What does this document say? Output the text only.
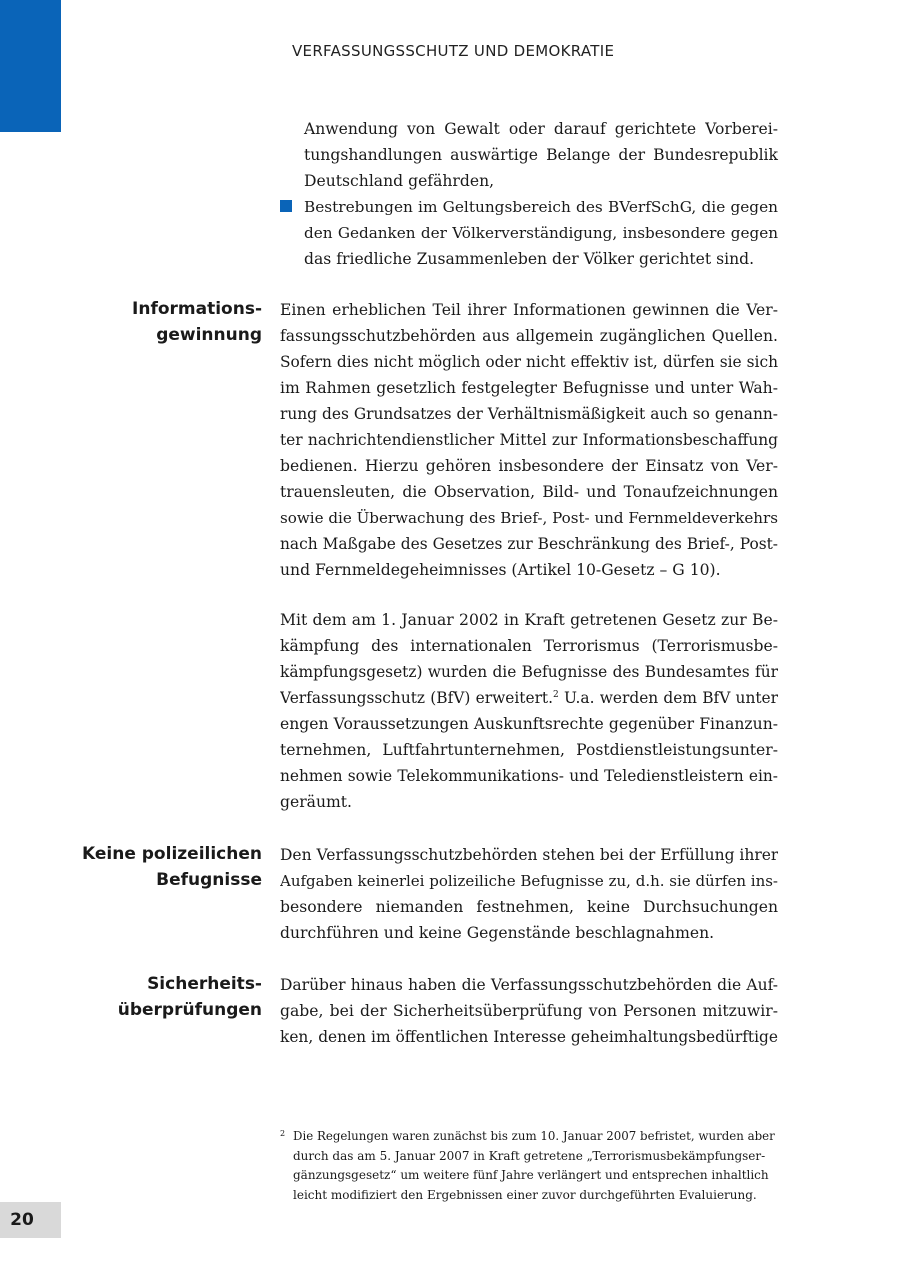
VERFASSUNGSSCHUTZ UND DEMOKRATIE
Anwendung von Gewalt oder darauf gerichtete Vorberei-
tungshandlungen auswärtige Belange der Bundesrepublik
Deutschland gefährden,
Bestrebungen im Geltungsbereich des BVerfSchG, die gegen
den Gedanken der Völkerverständigung, insbesondere gegen
das friedliche Zusammenleben der Völker gerichtet sind.
Informations-
gewinnung
Einen erheblichen Teil ihrer Informationen gewinnen die Ver-
fassungsschutzbehörden aus allgemein zugänglichen Quellen.
Sofern dies nicht möglich oder nicht effektiv ist, dürfen sie sich
im Rahmen gesetzlich festgelegter Befugnisse und unter Wah-
rung des Grundsatzes der Verhältnismäßigkeit auch so genann-
ter nachrichtendienstlicher Mittel zur Informationsbeschaffung
bedienen. Hierzu gehören insbesondere der Einsatz von Ver-
trauensleuten, die Observation, Bild- und Tonaufzeichnungen
sowie die Überwachung des Brief-, Post- und Fernmeldeverkehrs
nach Maßgabe des Gesetzes zur Beschränkung des Brief-, Post-
und Fernmeldegeheimnisses (Artikel 10-Gesetz – G 10).
Mit dem am 1. Januar 2002 in Kraft getretenen Gesetz zur Be-
kämpfung des internationalen Terrorismus (Terrorismusbe-
kämpfungsgesetz) wurden die Befugnisse des Bundesamtes für
Verfassungsschutz (BfV) erweitert.$^2$ U.a. werden dem BfV unter
engen Voraussetzungen Auskunftsrechte gegenüber Finanzun-
ternehmen, Luftfahrtunternehmen, Postdienstleistungsunter-
nehmen sowie Telekommunikations- und Teledienstleistern ein-
geräumt.
Keine polizeilichen
Befugnisse
Den Verfassungsschutzbehörden stehen bei der Erfüllung ihrer
Aufgaben keinerlei polizeiliche Befugnisse zu, d.h. sie dürfen ins-
besondere niemanden festnehmen, keine Durchsuchungen
durchführen und keine Gegenstände beschlagnahmen.
Sicherheits-
überprüfungen
Darüber hinaus haben die Verfassungsschutzbehörden die Auf-
gabe, bei der Sicherheitsüberprüfung von Personen mitzuwir-
ken, denen im öffentlichen Interesse geheimhaltungsbedürftige
2 Die Regelungen waren zunächst bis zum 10. Januar 2007 befristet, wurden aber
durch das am 5. Januar 2007 in Kraft getretene „Terrorismusbekämpfungser-
gänzungsgesetz“ um weitere fünf Jahre verlängert und entsprechen inhaltlich
leicht modifiziert den Ergebnissen einer zuvor durchgeführten Evaluierung.
20
